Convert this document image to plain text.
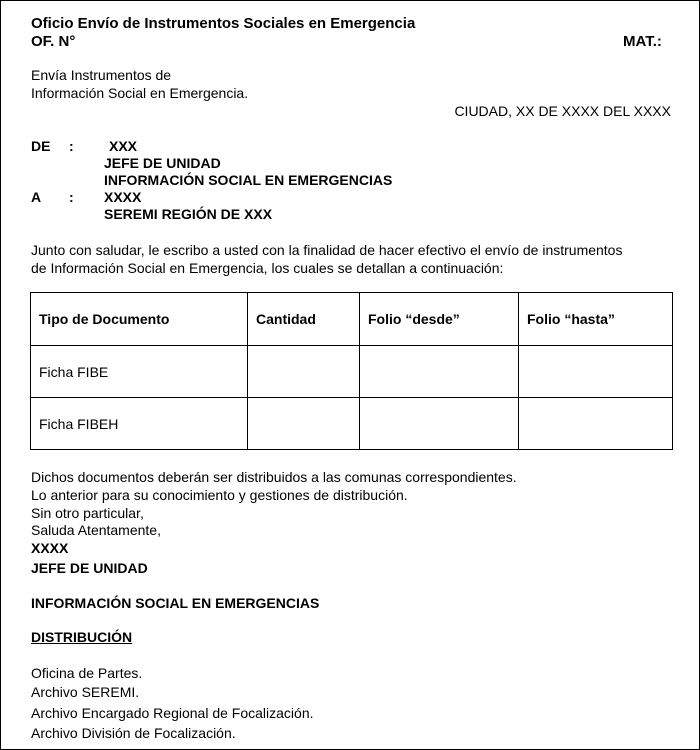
Oficio Envío de Instrumentos Sociales en Emergencia
OF. N°	MAT.:
Envía Instrumentos de
Información Social en Emergencia.
CIUDAD, XX DE XXXX DEL XXXX
DE :	XXX
JEFE DE UNIDAD
INFORMACIÓN SOCIAL EN EMERGENCIAS
A : XXXX
SEREMI REGIÓN DE XXX
Junto con saludar, le escribo a usted con la finalidad de hacer efectivo el envío de instrumentos
de Información Social en Emergencia, los cuales se detallan a continuación:
Tipo de Documento	Cantidad	Folio “desde”	Folio “hasta”
Ficha FIBE			
Ficha FIBEH			
Dichos documentos deberán ser distribuidos a las comunas correspondientes.
Lo anterior para su conocimiento y gestiones de distribución.
Sin otro particular,
Saluda Atentamente,
XXXX
JEFE DE UNIDAD
INFORMACIÓN SOCIAL EN EMERGENCIAS
DISTRIBUCIÓN
Oficina de Partes.
Archivo SEREMI.
Archivo Encargado Regional de Focalización.
Archivo División de Focalización.
